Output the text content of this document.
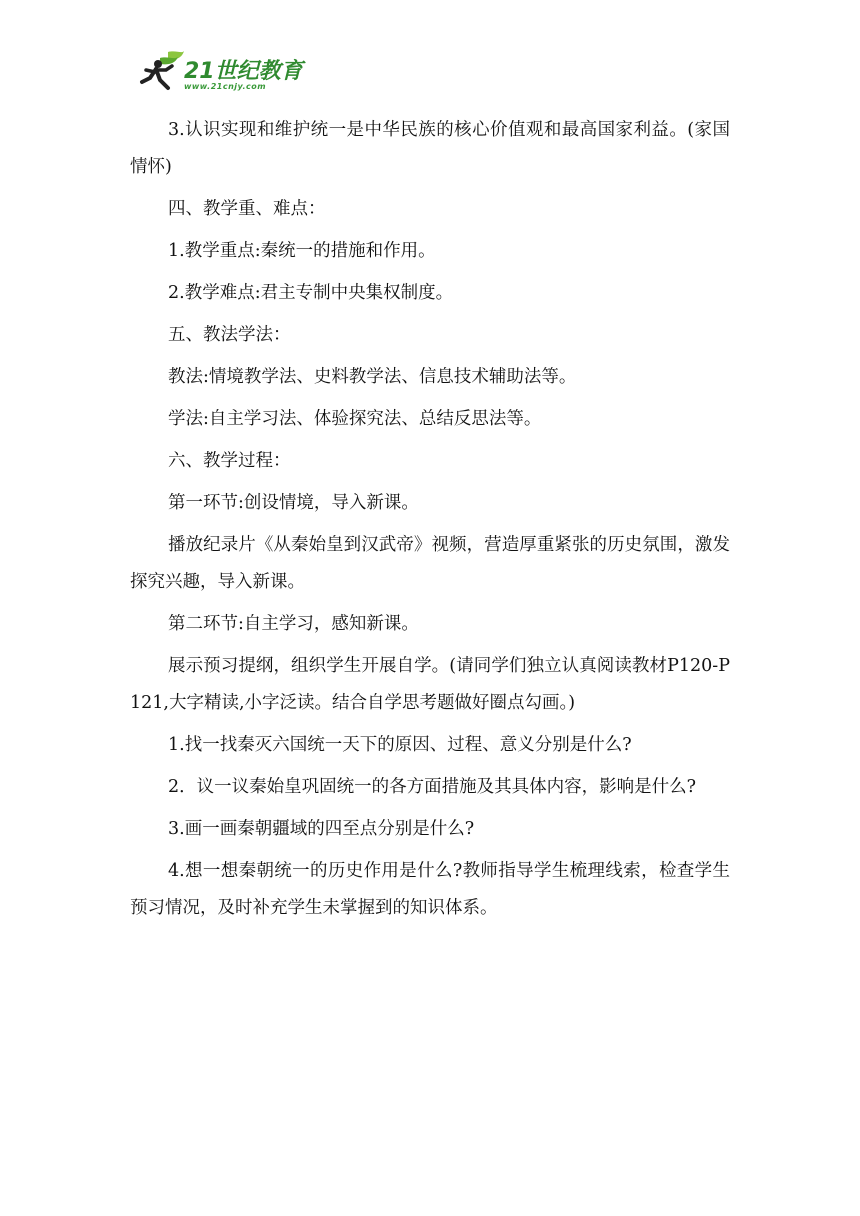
21世纪教育
www.21cnjy.com

3.认识实现和维护统一是中华民族的核心价值观和最高国家利益。(家国情怀)

四、教学重、难点：

1.教学重点:秦统一的措施和作用。

2.教学难点:君主专制中央集权制度。

五、教法学法：

教法:情境教学法、史料教学法、信息技术辅助法等。

学法:自主学习法、体验探究法、总结反思法等。

六、教学过程：

第一环节:创设情境，导入新课。

播放纪录片《从秦始皇到汉武帝》视频，营造厚重紧张的历史氛围，激发探究兴趣，导入新课。

第二环节:自主学习，感知新课。

展示预习提纲，组织学生开展自学。(请同学们独立认真阅读教材P120-P121,大字精读,小字泛读。结合自学思考题做好圈点勾画。)

1.找一找秦灭六国统一天下的原因、过程、意义分别是什么?

2．议一议秦始皇巩固统一的各方面措施及其具体内容，影响是什么?

3.画一画秦朝疆域的四至点分别是什么?

4.想一想秦朝统一的历史作用是什么?教师指导学生梳理线索，检查学生预习情况，及时补充学生未掌握到的知识体系。
